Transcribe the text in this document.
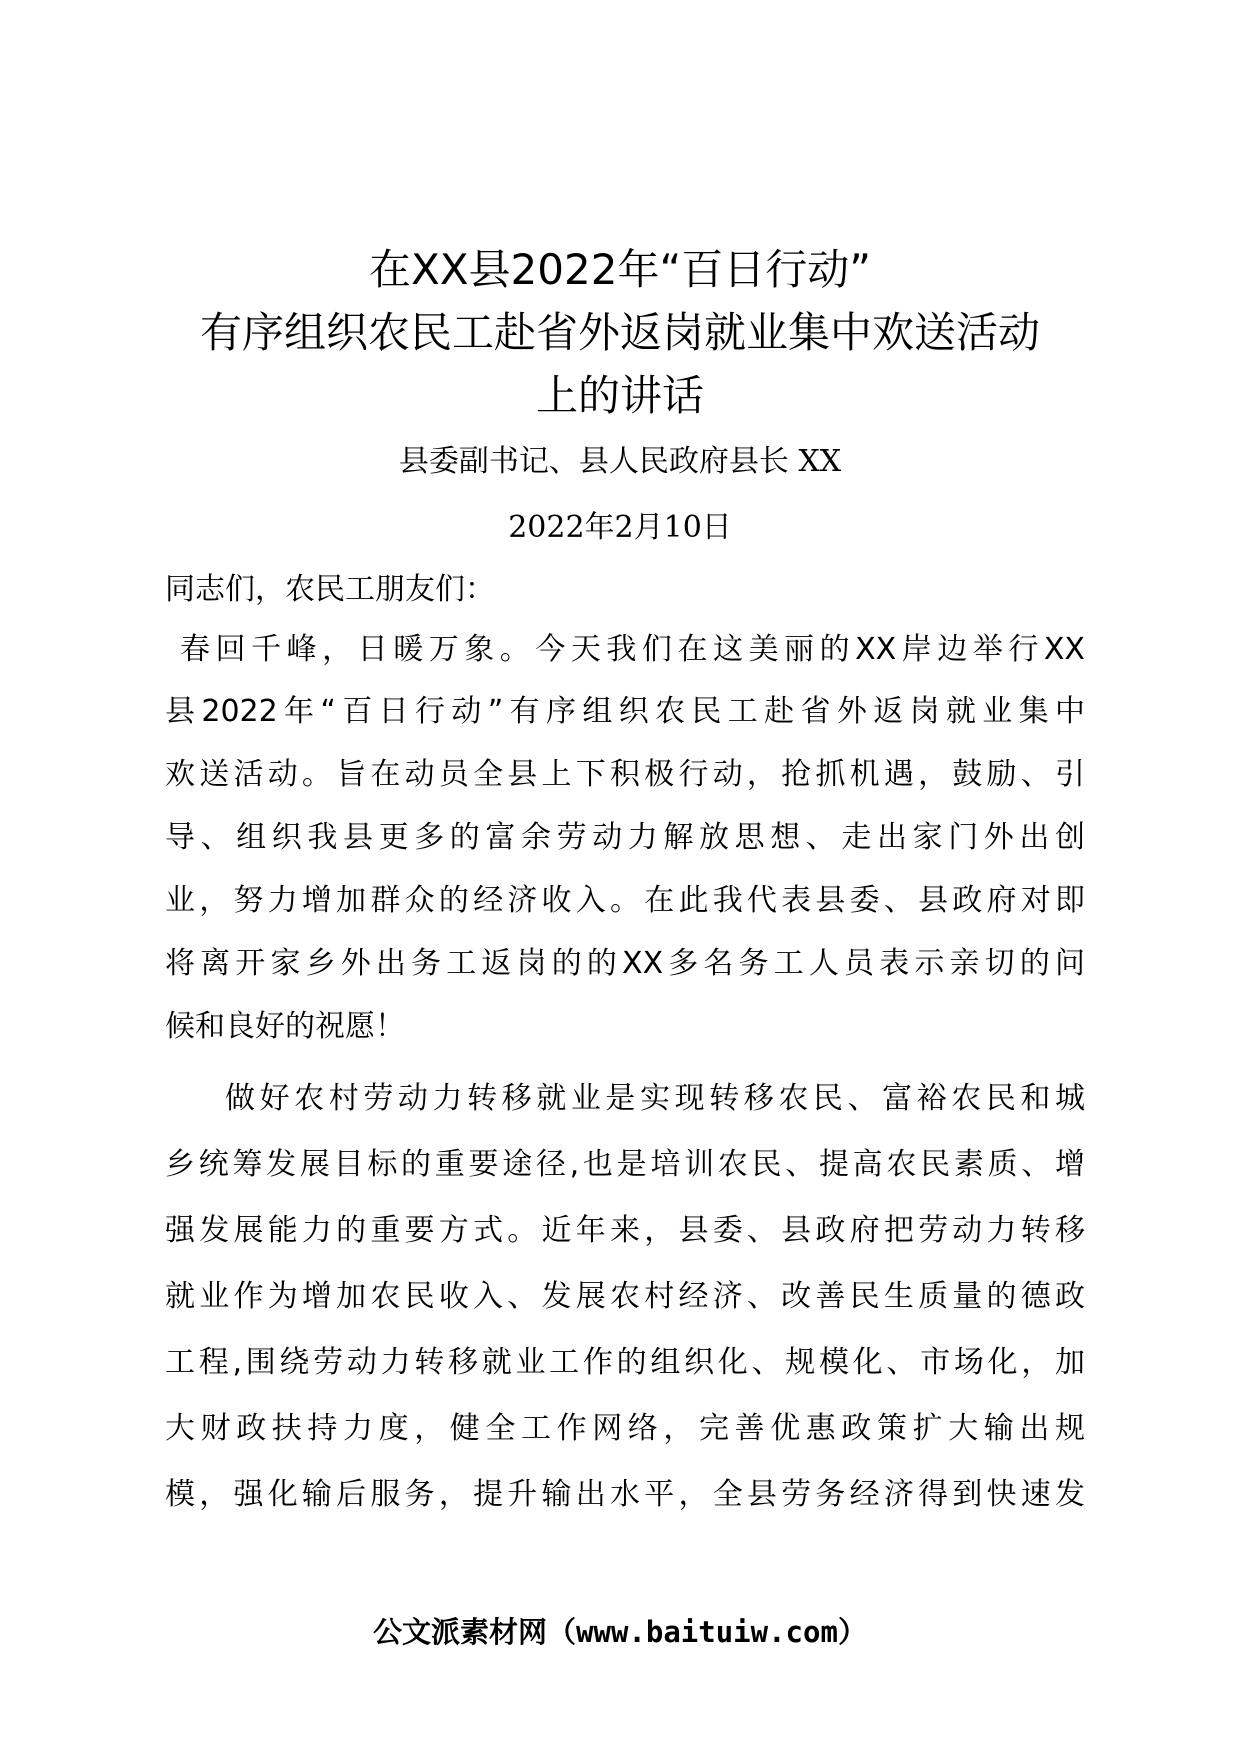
在XX县2022年“百日行动”
有序组织农民工赴省外返岗就业集中欢送活动
上的讲话
县委副书记、县人民政府县长 XX
2022年2月10日
同志们，农民工朋友们：
春回千峰，日暖万象。今天我们在这美丽的XX岸边举行XX
县2022年“百日行动”有序组织农民工赴省外返岗就业集中
欢送活动。旨在动员全县上下积极行动，抢抓机遇，鼓励、引
导、组织我县更多的富余劳动力解放思想、走出家门外出创
业，努力增加群众的经济收入。在此我代表县委、县政府对即
将离开家乡外出务工返岗的的XX多名务工人员表示亲切的问
候和良好的祝愿！
做好农村劳动力转移就业是实现转移农民、富裕农民和城
乡统筹发展目标的重要途径,也是培训农民、提高农民素质、增
强发展能力的重要方式。近年来，县委、县政府把劳动力转移
就业作为增加农民收入、发展农村经济、改善民生质量的德政
工程,围绕劳动力转移就业工作的组织化、规模化、市场化，加
大财政扶持力度，健全工作网络，完善优惠政策扩大输出规
模，强化输后服务，提升输出水平，全县劳务经济得到快速发
公文派素材网（www.baituiw.com）
